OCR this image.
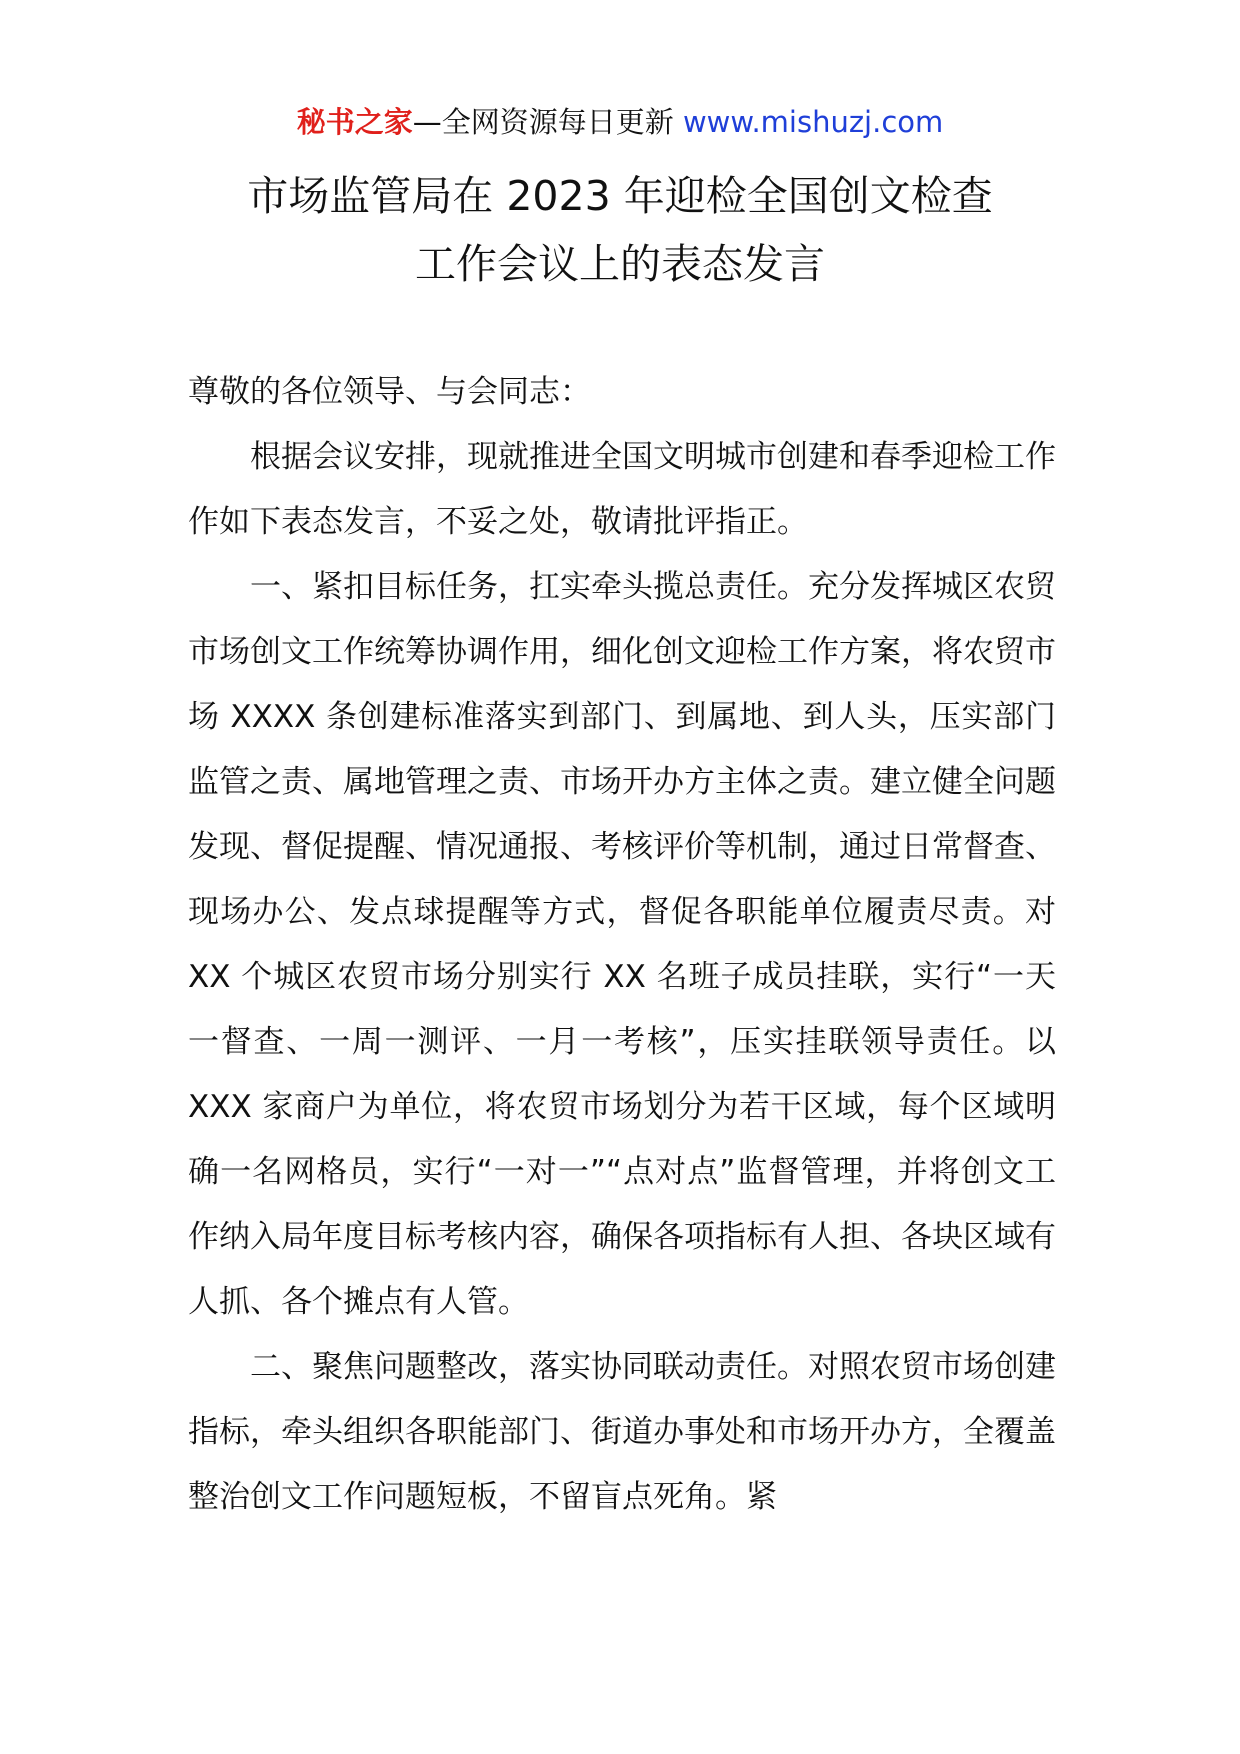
秘书之家—全网资源每日更新 www.mishuzj.com
市场监管局在 2023 年迎检全国创文检查
工作会议上的表态发言

尊敬的各位领导、与会同志：

根据会议安排，现就推进全国文明城市创建和春季迎检工作作如下表态发言，不妥之处，敬请批评指正。

一、紧扣目标任务，扛实牵头揽总责任。充分发挥城区农贸市场创文工作统筹协调作用，细化创文迎检工作方案，将农贸市场 XXXX 条创建标准落实到部门、到属地、到人头，压实部门监管之责、属地管理之责、市场开办方主体之责。建立健全问题发现、督促提醒、情况通报、考核评价等机制，通过日常督查、现场办公、发点球提醒等方式，督促各职能单位履责尽责。对 XX 个城区农贸市场分别实行 XX 名班子成员挂联，实行“一天一督查、一周一测评、一月一考核”，压实挂联领导责任。以 XXX 家商户为单位，将农贸市场划分为若干区域，每个区域明确一名网格员，实行“一对一”“点对点”监督管理，并将创文工作纳入局年度目标考核内容，确保各项指标有人担、各块区域有人抓、各个摊点有人管。

二、聚焦问题整改，落实协同联动责任。对照农贸市场创建指标，牵头组织各职能部门、街道办事处和市场开办方，全覆盖整治创文工作问题短板，不留盲点死角。紧
